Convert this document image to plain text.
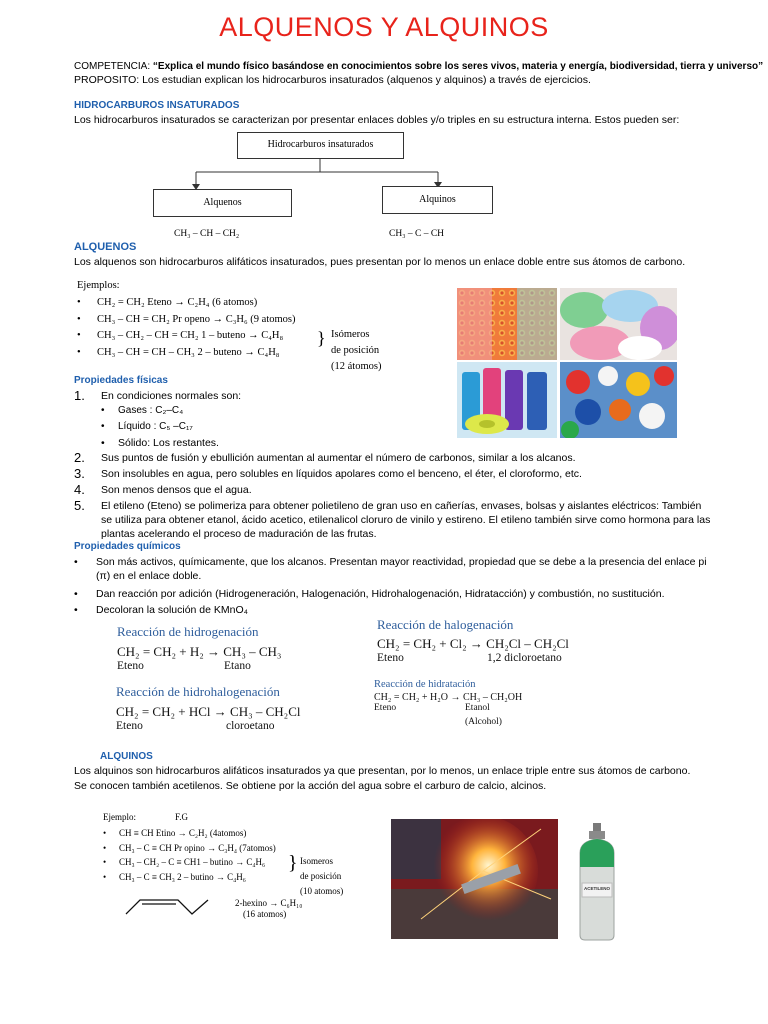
ALQUENOS Y ALQUINOS
COMPETENCIA: “Explica el mundo físico basándose en conocimientos sobre los seres vivos, materia y energía, biodiversidad, tierra y universo”
PROPOSITO: Los estudian explican los hidrocarburos insaturados (alquenos y alquinos) a través de ejercicios.
HIDROCARBUROS INSATURADOS
Los hidrocarburos insaturados se caracterizan por presentar enlaces dobles y/o triples en su estructura interna. Estos pueden ser:
Hidrocarburos insaturados
Alquenos	Alquinos
CH₃ – CH – CH₂	CH₃ – C – CH
ALQUENOS
Los alquenos son hidrocarburos alifáticos insaturados, pues presentan por lo menos un enlace doble entre sus átomos de carbono.
Ejemplos:
• CH₂ = CH₂ Eteno → C₂H₄ (6 atomos)
• CH₃ – CH = CH₂ Pr openo → C₃H₆ (9 atomos)
• CH₃ – CH₂ – CH = CH₂ 1 – buteno → C₄H₈
• CH₃ – CH = CH – CH₃ 2 – buteno → C₄H₈
} Isómeros
de posición
(12 átomos)
Propiedades físicas
1. En condiciones normales son:
• Gases : C₂–C₄
• Líquido : C₅ –C₁₇
• Sólido: Los restantes.
2. Sus puntos de fusión y ebullición aumentan al aumentar el número de carbonos, similar a los alcanos.
3. Son insolubles en agua, pero solubles en líquidos apolares como el benceno, el éter, el cloroformo, etc.
4. Son menos densos que el agua.
5. El etileno (Eteno) se polimeriza para obtener polietileno de gran uso en cañerías, envases, bolsas y aislantes eléctricos: También se utiliza para obtener etanol, ácido acetico, etilenalicol cloruro de vinilo y estireno. El etileno también sirve como hormona para las plantas acelerando el proceso de maduración de las frutas.
Propiedades químicos
• Son más activos, químicamente, que los alcanos. Presentan mayor reactividad, propiedad que se debe a la presencia del enlace pi (π) en el enlace doble.
• Dan reacción por adición (Hidrogeneración, Halogenación, Hidrohalogenación, Hidratacción) y combustión, no sustitución.
• Decoloran la solución de KMnO₄
Reacción de hidrogenación
CH₂ = CH₂ + H₂ → CH₃ – CH₃
Eteno	Etano
Reacción de halogenación
CH₂ = CH₂ + Cl₂ → CH₂Cl – CH₂Cl
Eteno	1,2 dicloroetano
Reacción de hidrohalogenación
CH₂ = CH₂ + HCl → CH₃ – CH₂Cl
Eteno	cloroetano
Reacción de hidratación
CH₂ = CH₂ + H₂O → CH₃ – CH₂OH
Eteno	Etanol
(Alcohol)
ALQUINOS
Los alquinos son hidrocarburos alifáticos insaturados ya que presentan, por lo menos, un enlace triple entre sus átomos de carbono.
Se conocen también acetilenos. Se obtiene por la acción del agua sobre el carburo de calcio, alcinos.
Ejemplo:	F.G
• CH ≡ CH Etino → C₂H₂ (4atomos)
• CH₃ – C ≡ CH Pr opino → C₃H₄ (7atomos)
• CH₃ – CH₂ – C ≡ CH1 – butino → C₄H₆
• CH₃ – C ≡ CH₃ 2 – butino → C₄H₆
} Isomeros
de posición
(10 atomos)
2-hexino → C₆H₁₀
(16 atomos)
ACETILENO
